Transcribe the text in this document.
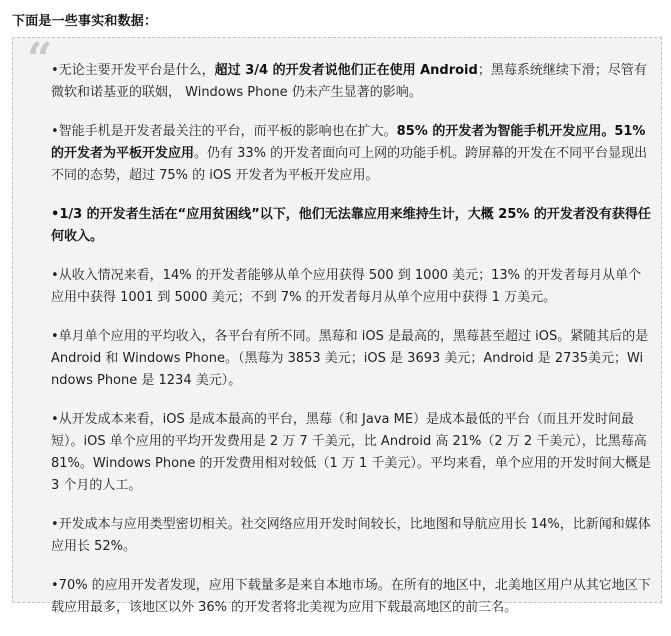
下面是一些事实和数据：
“

•无论主要开发平台是什么，超过 3/4 的开发者说他们正在使用 Android；黑莓系统继续下滑；尽管有微软和诺基亚的联姻， Windows Phone 仍未产生显著的影响。

•智能手机是开发者最关注的平台，而平板的影响也在扩大。85% 的开发者为智能手机开发应用。51% 的开发者为平板开发应用。仍有 33% 的开发者面向可上网的功能手机。跨屏幕的开发在不同平台显现出不同的态势，超过 75% 的 iOS 开发者为平板开发应用。

•1/3 的开发者生活在“应用贫困线”以下，他们无法靠应用来维持生计，大概 25% 的开发者没有获得任何收入。

•从收入情况来看，14% 的开发者能够从单个应用获得 500 到 1000 美元；13% 的开发者每月从单个应用中获得 1001 到 5000 美元；不到 7% 的开发者每月从单个应用中获得 1 万美元。

•单月单个应用的平均收入，各平台有所不同。黑莓和 iOS 是最高的，黑莓甚至超过 iOS。紧随其后的是 Android 和 Windows Phone。（黑莓为 3853 美元；iOS 是 3693 美元；Android 是 2735美元；Windows Phone 是 1234 美元）。

•从开发成本来看，iOS 是成本最高的平台，黑莓（和 Java ME）是成本最低的平台（而且开发时间最短）。iOS 单个应用的平均开发费用是 2 万 7 千美元，比 Android 高 21%（2 万 2 千美元），比黑莓高 81%。Windows Phone 的开发费用相对较低（1 万 1 千美元）。平均来看，单个应用的开发时间大概是 3 个月的人工。

•开发成本与应用类型密切相关。社交网络应用开发时间较长，比地图和导航应用长 14%，比新闻和媒体应用长 52%。

•70% 的应用开发者发现，应用下载量多是来自本地市场。在所有的地区中，北美地区用户从其它地区下载应用最多，该地区以外 36% 的开发者将北美视为应用下载最高地区的前三名。
